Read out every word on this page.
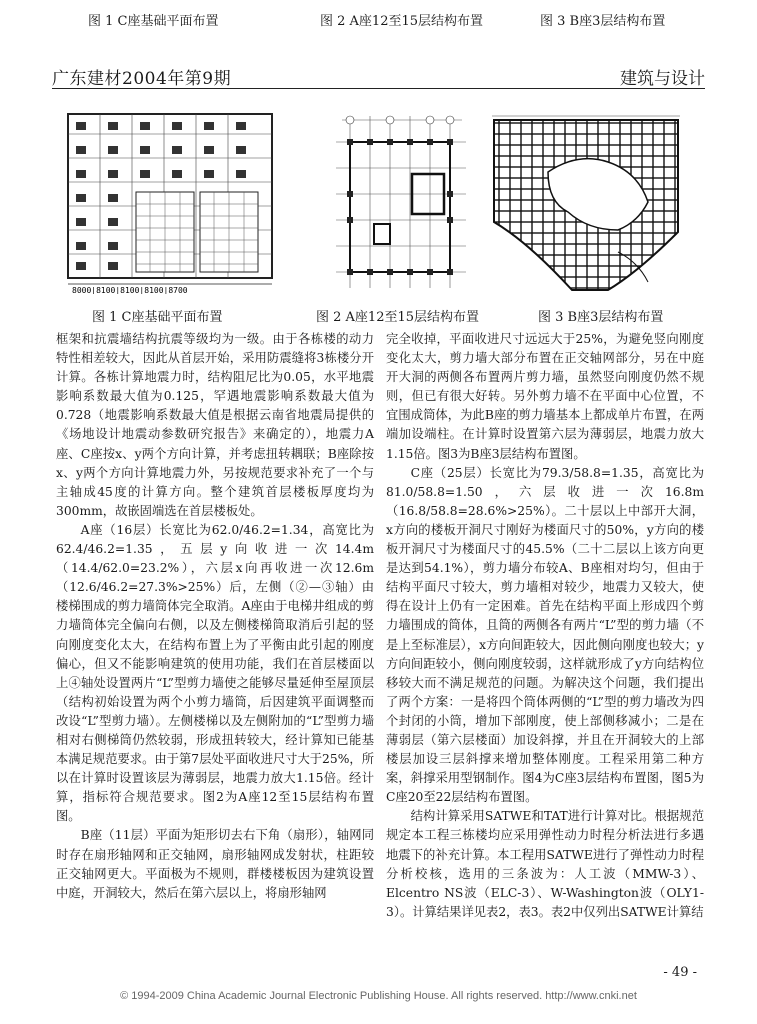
图 1 C座基础平面布置	图 2 A座12至15层结构布置	图 3 B座3层结构布置
广东建材2004年第9期	建筑与设计
8000|8100|8100|8100|8700
图 1 C座基础平面布置	图 2 A座12至15层结构布置	图 3 B座3层结构布置

框架和抗震墙结构抗震等级均为一级。由于各栋楼的动力特性相差较大，因此从首层开始，采用防震缝将3栋楼分开计算。各栋计算地震力时，结构阻尼比为0.05，水平地震影响系数最大值为0.125，罕遇地震影响系数最大值为0.728（地震影响系数最大值是根据云南省地震局提供的《场地设计地震动参数研究报告》来确定的），地震力A座、C座按x、y两个方向计算，并考虑扭转耦联；B座除按x、y两个方向计算地震力外，另按规范要求补充了一个与主轴成45度的计算方向。整个建筑首层楼板厚度均为300mm，故嵌固端选在首层楼板处。

A座（16层）长宽比为62.0/46.2=1.34，高宽比为62.4/46.2=1.35，五层y向收进一次14.4m（14.4/62.0=23.2%），六层x向再收进一次12.6m（12.6/46.2=27.3%>25%）后，左侧（②—③轴）由楼梯围成的剪力墙筒体完全取消。A座由于电梯井组成的剪力墙筒体完全偏向右侧，以及左侧楼梯筒取消后引起的竖向刚度变化太大，在结构布置上为了平衡由此引起的刚度偏心，但又不能影响建筑的使用功能，我们在首层楼面以上④轴处设置两片“L”型剪力墙使之能够尽量延伸至屋顶层（结构初始设置为两个小剪力墙筒，后因建筑平面调整而改设“L”型剪力墙）。左侧楼梯以及左侧附加的“L”型剪力墙相对右侧梯筒仍然较弱，形成扭转较大，经计算知已能基本满足规范要求。由于第7层处平面收进尺寸大于25%，所以在计算时设置该层为薄弱层，地震力放大1.15倍。经计算，指标符合规范要求。图2为A座12至15层结构布置图。

B座（11层）平面为矩形切去右下角（扇形），轴网同时存在扇形轴网和正交轴网，扇形轴网成发射状，柱距较正交轴网更大。平面极为不规则，群楼楼板因为建筑设置中庭，开洞较大，然后在第六层以上，将扇形轴网

完全收掉，平面收进尺寸远远大于25%，为避免竖向刚度变化太大，剪力墙大部分布置在正交轴网部分，另在中庭开大洞的两侧各布置两片剪力墙，虽然竖向刚度仍然不规则，但已有很大好转。另外剪力墙不在平面中心位置，不宜围成筒体，为此B座的剪力墙基本上都成单片布置，在两端加设端柱。在计算时设置第六层为薄弱层，地震力放大1.15倍。图3为B座3层结构布置图。

C座（25层）长宽比为79.3/58.8=1.35，高宽比为81.0/58.8=1.50，六层收进一次16.8m（16.8/58.8=28.6%>25%）。二十层以上中部开大洞，x方向的楼板开洞尺寸刚好为楼面尺寸的50%，y方向的楼板开洞尺寸为楼面尺寸的45.5%（二十二层以上该方向更是达到54.1%），剪力墙分布较A、B座相对均匀，但由于结构平面尺寸较大，剪力墙相对较少，地震力又较大，使得在设计上仍有一定困难。首先在结构平面上形成四个剪力墙围成的筒体，且筒的两侧各有两片“L”型的剪力墙（不是上至标准层），x方向间距较大，因此侧向刚度也较大；y方向间距较小，侧向刚度较弱，这样就形成了y方向结构位移较大而不满足规范的问题。为解决这个问题，我们提出了两个方案：一是将四个筒体两侧的“L”型的剪力墙改为四个封闭的小筒，增加下部刚度，使上部侧移减小；二是在薄弱层（第六层楼面）加设斜撑，并且在开洞较大的上部楼层加设三层斜撑来增加整体刚度。工程采用第二种方案，斜撑采用型钢制作。图4为C座3层结构布置图，图5为C座20至22层结构布置图。

结构计算采用SATWE和TAT进行计算对比。根据规范规定本工程三栋楼均应采用弹性动力时程分析法进行多遇地震下的补充计算。本工程用SATWE进行了弹性动力时程分析校核，选用的三条波为：人工波（MMW-3）、Elcentro NS波（ELC-3）、W-Washington波（OLY1-3）。计算结果详见表2，表3。表2中仅列出SATWE计算结

- 49 -
© 1994-2009 China Academic Journal Electronic Publishing House. All rights reserved. http://www.cnki.net
